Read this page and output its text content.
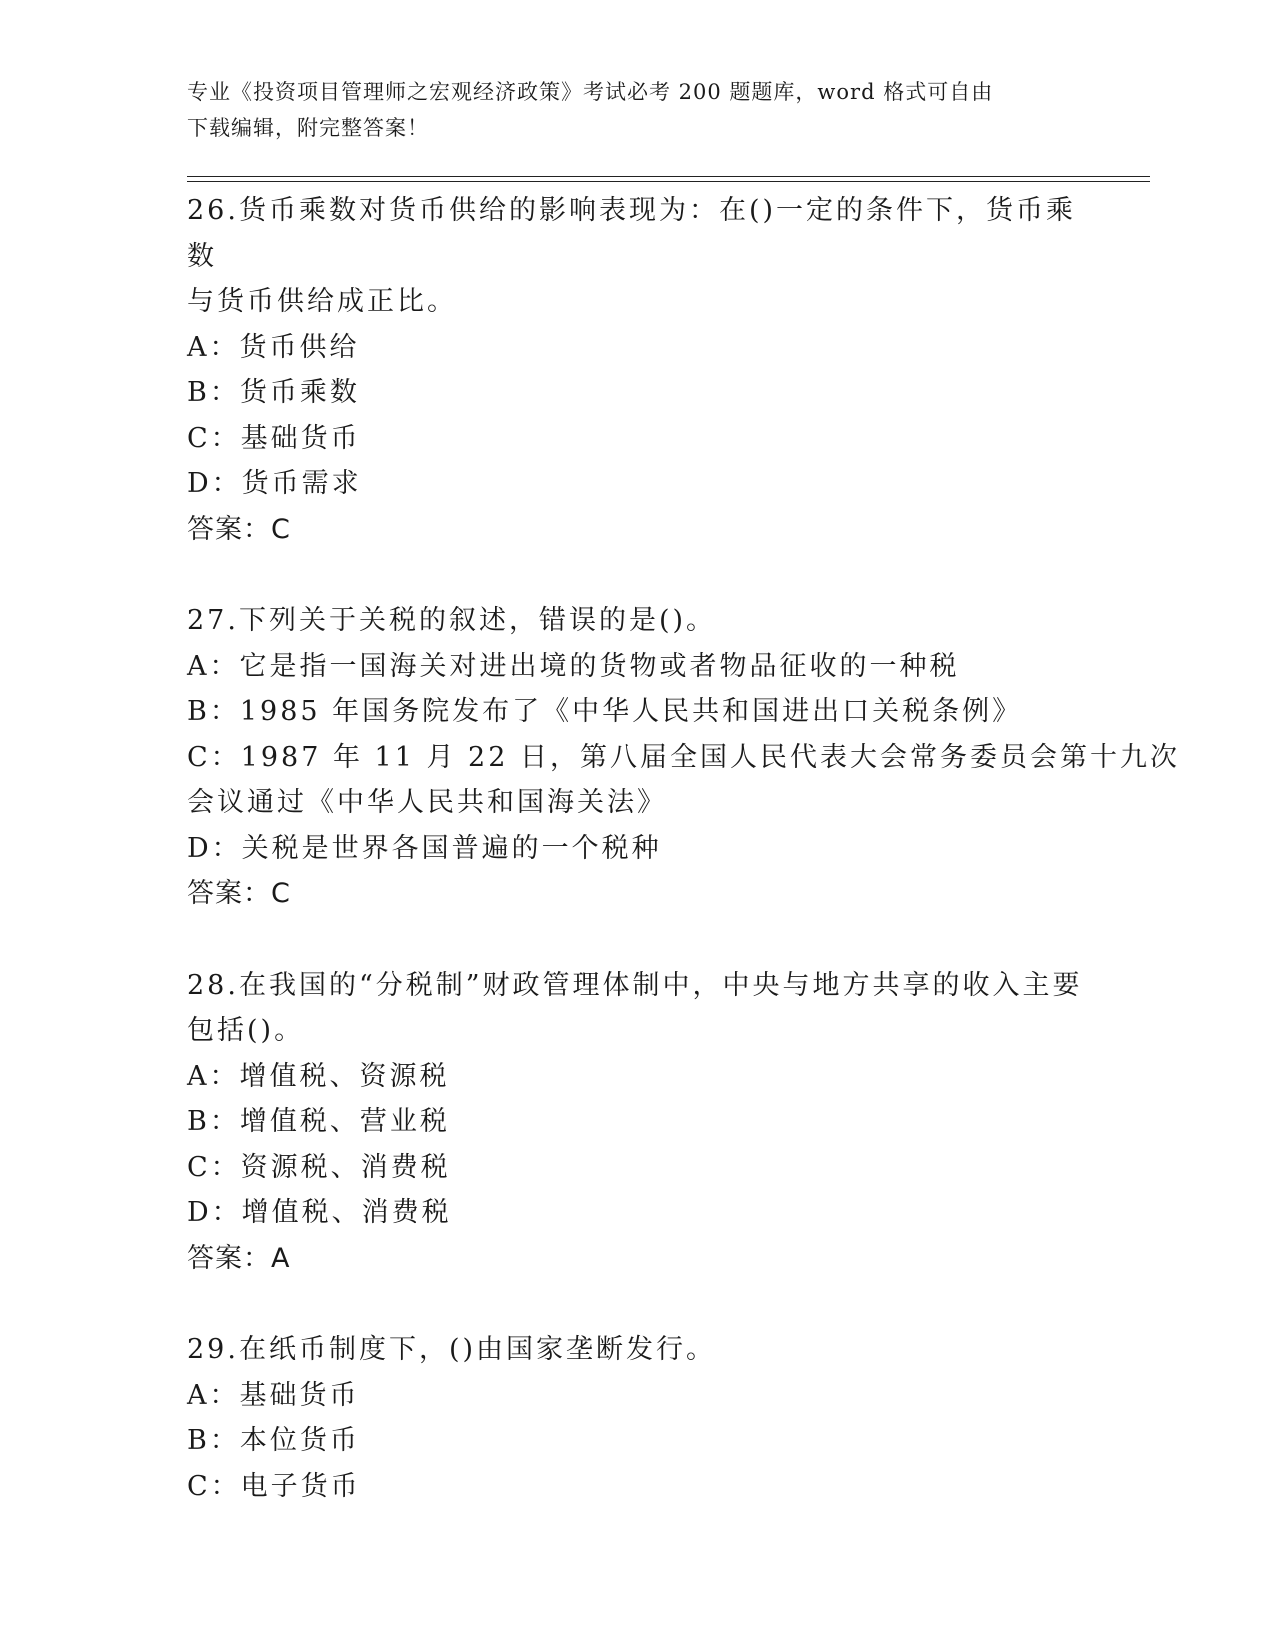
专业《投资项目管理师之宏观经济政策》考试必考 200 题题库，word 格式可自由
下载编辑，附完整答案！
26.货币乘数对货币供给的影响表现为：在()一定的条件下，货币乘数
与货币供给成正比。
A：货币供给
B：货币乘数
C：基础货币
D：货币需求
答案：C
27.下列关于关税的叙述，错误的是()。
A：它是指一国海关对进出境的货物或者物品征收的一种税
B：1985 年国务院发布了《中华人民共和国进出口关税条例》
C：1987 年 11 月 22 日，第八届全国人民代表大会常务委员会第十九次
会议通过《中华人民共和国海关法》
D：关税是世界各国普遍的一个税种
答案：C
28.在我国的“分税制”财政管理体制中，中央与地方共享的收入主要
包括()。
A：增值税、资源税
B：增值税、营业税
C：资源税、消费税
D：增值税、消费税
答案：A
29.在纸币制度下，()由国家垄断发行。
A：基础货币
B：本位货币
C：电子货币
